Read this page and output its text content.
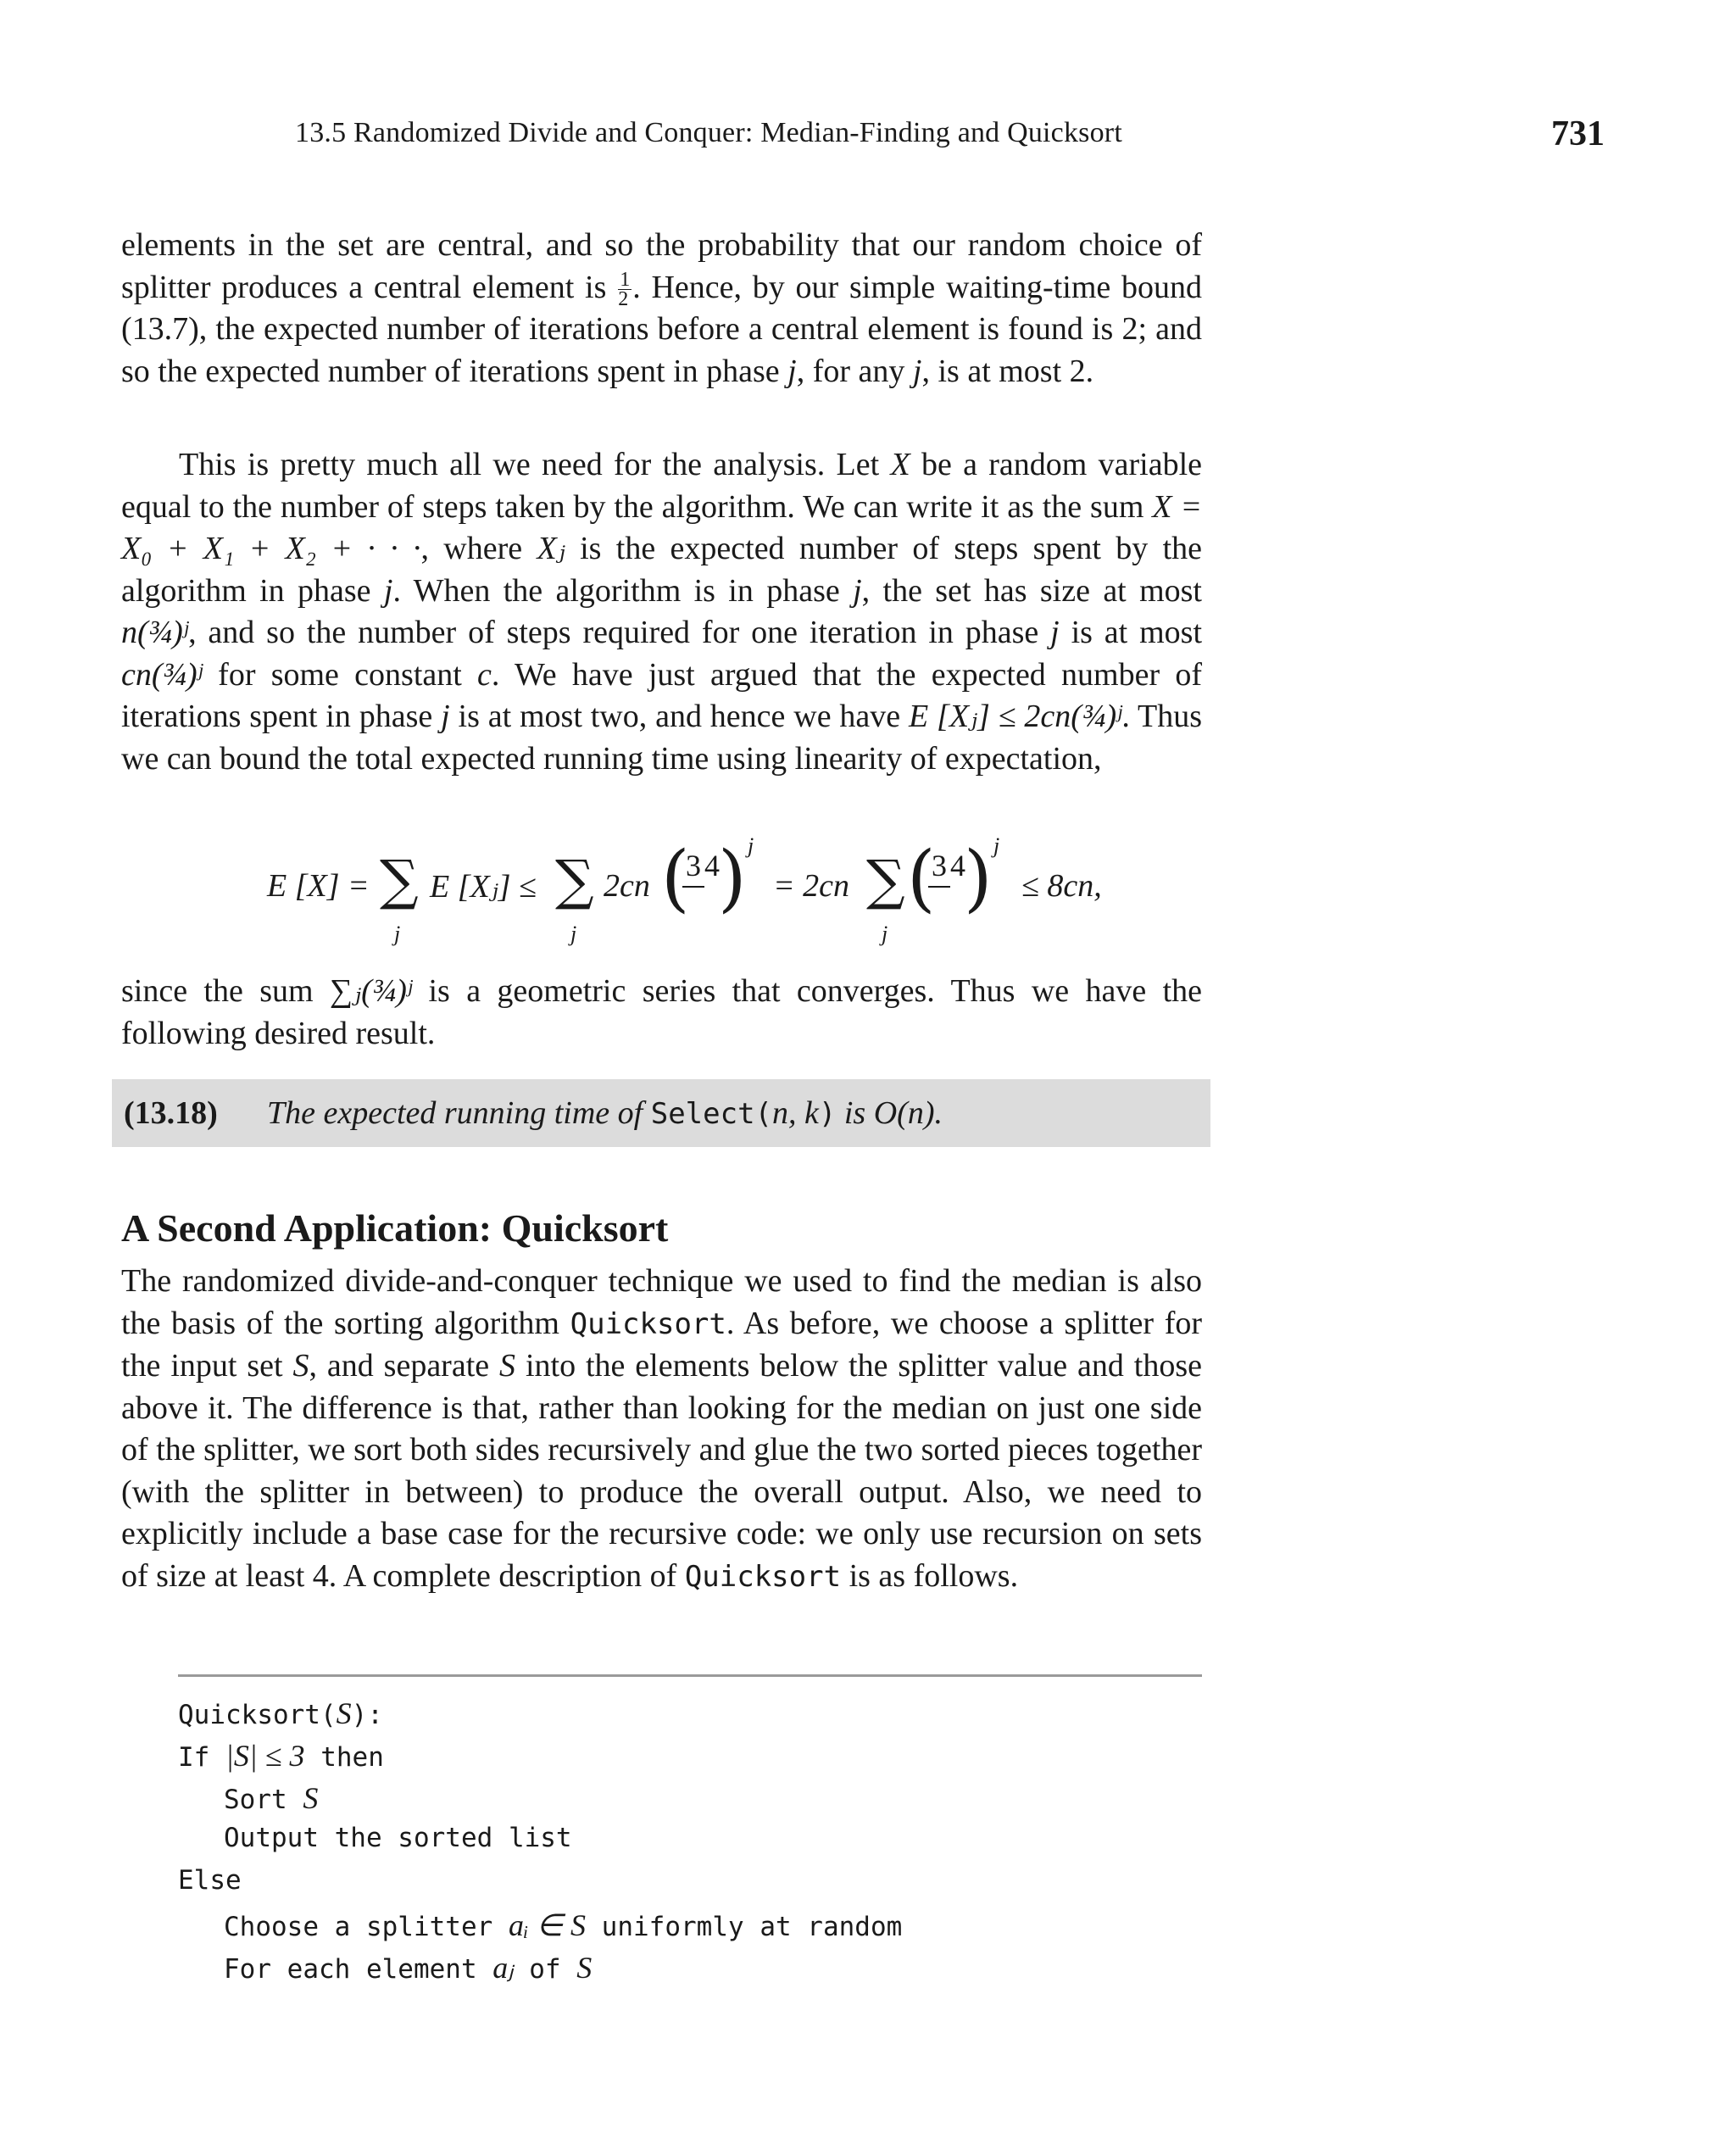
13.5 Randomized Divide and Conquer: Median-Finding and Quicksort	731

elements in the set are central, and so the probability that our random choice of splitter produces a central element is $\frac{1}{2}$ . Hence, by our simple waiting-time bound (13.7), the expected number of iterations before a central element is found is 2; and so the expected number of iterations spent in phase j, for any j, is at most 2.

This is pretty much all we need for the analysis. Let X be a random variable equal to the number of steps taken by the algorithm. We can write it as the sum X = X₀ + X₁ + X₂ + · · ·, where Xⱼ is the expected number of steps spent by the algorithm in phase j. When the algorithm is in phase j, the set has size at most n(¾)ʲ, and so the number of steps required for one iteration in phase j is at most cn(¾)ʲ for some constant c. We have just argued that the expected number of iterations spent in phase j is at most two, and hence we have E [Xⱼ] ≤ 2cn(¾)ʲ. Thus we can bound the total expected running time using linearity of expectation,

E [X] = ∑
j
E [Xⱼ] ≤ ∑
j
2cn (
3 4
) j
= 2cn ∑
j
(
3 4
) j
≤ 8cn,

since the sum ∑ⱼ(¾)ʲ is a geometric series that converges. Thus we have the following desired result.

(13.18) The expected running time of Select(n, k) is O(n).
A Second Application: Quicksort

The randomized divide-and-conquer technique we used to find the median is also the basis of the sorting algorithm Quicksort. As before, we choose a splitter for the input set S, and separate S into the elements below the splitter value and those above it. The difference is that, rather than looking for the median on just one side of the splitter, we sort both sides recursively and glue the two sorted pieces together (with the splitter in between) to produce the overall output. Also, we need to explicitly include a base case for the recursive code: we only use recursion on sets of size at least 4. A complete description of Quicksort is as follows.

Quicksort(S):
If |S| ≤ 3 then
Sort S
Output the sorted list
Else
Choose a splitter aᵢ ∈ S uniformly at random
For each element aⱼ of S
